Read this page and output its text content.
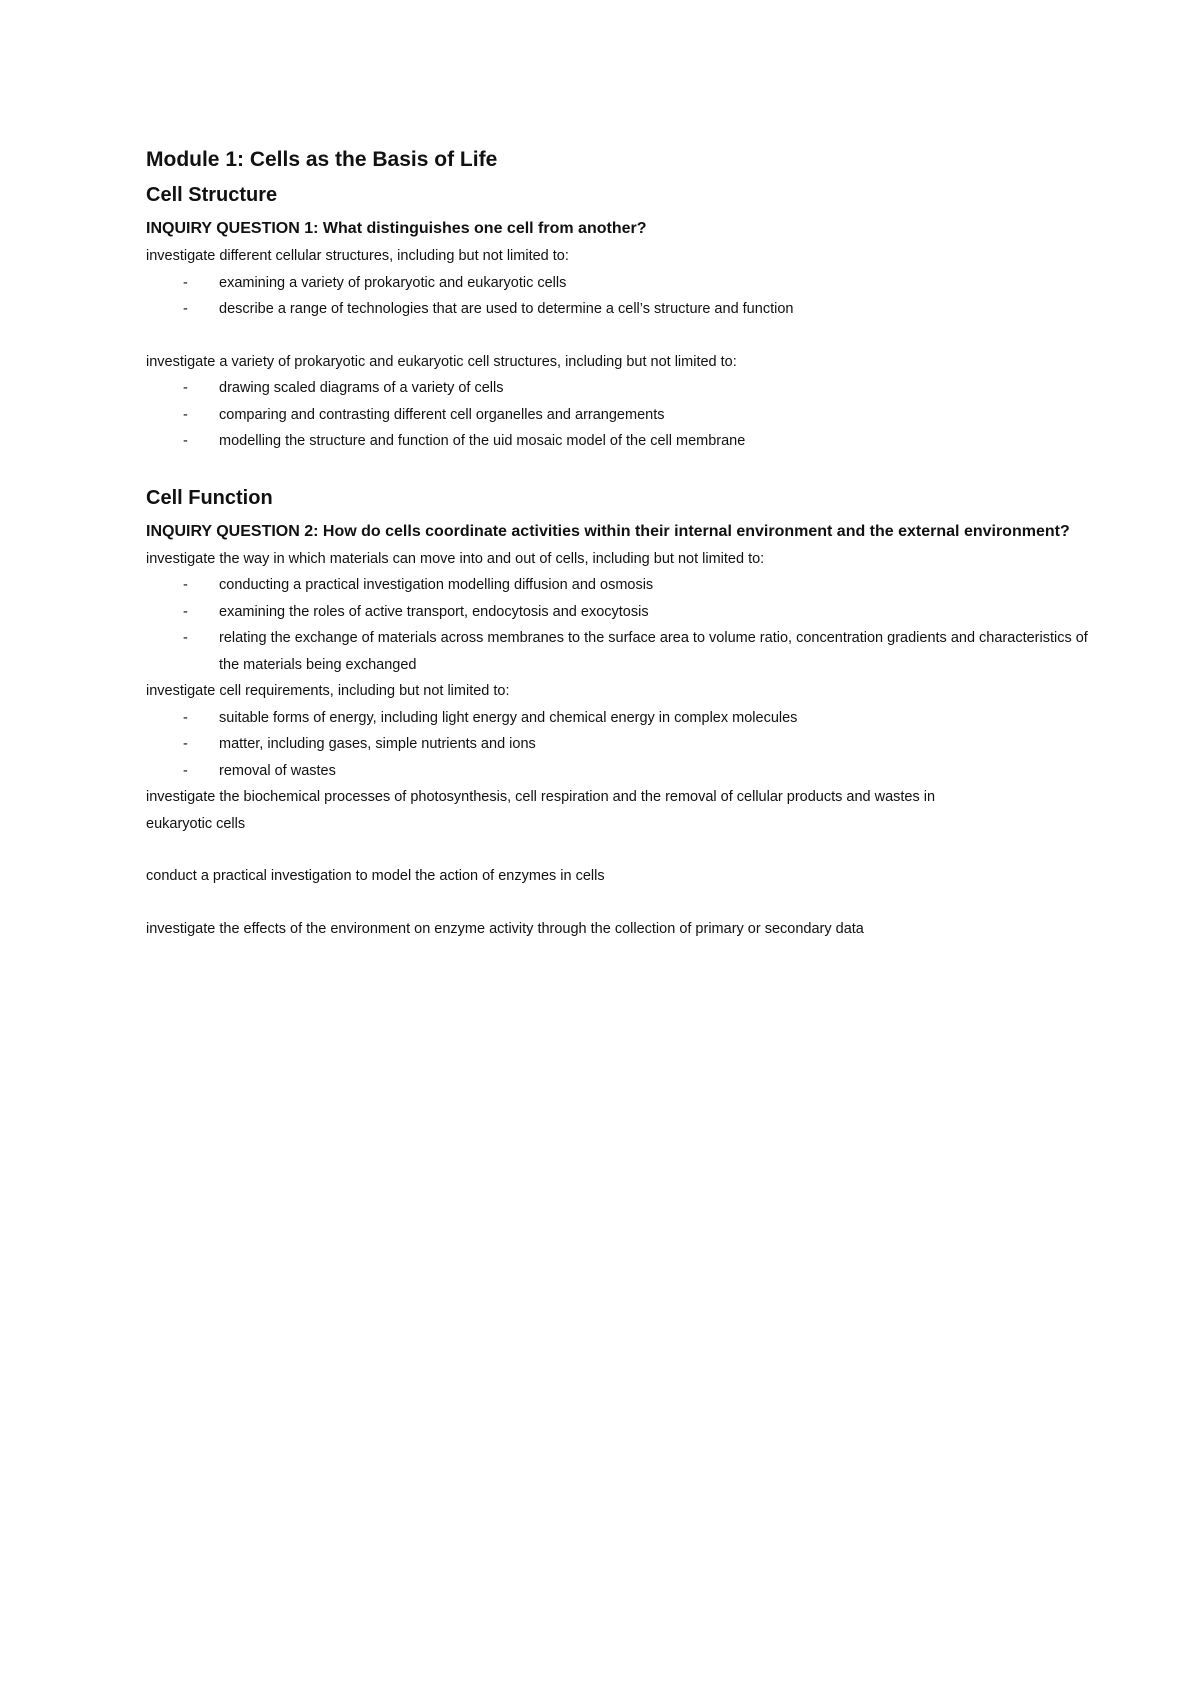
Module 1: Cells as the Basis of Life
Cell Structure

INQUIRY QUESTION 1: What distinguishes one cell from another?

investigate different cellular structures, including but not limited to:

- examining a variety of prokaryotic and eukaryotic cells
- describe a range of technologies that are used to determine a cell’s structure and function

investigate a variety of prokaryotic and eukaryotic cell structures, including but not limited to:

- drawing scaled diagrams of a variety of cells
- comparing and contrasting different cell organelles and arrangements
- modelling the structure and function of the uid mosaic model of the cell membrane
Cell Function

INQUIRY QUESTION 2: How do cells coordinate activities within their internal environment and the external environment?

investigate the way in which materials can move into and out of cells, including but not limited to:

- conducting a practical investigation modelling diffusion and osmosis
- examining the roles of active transport, endocytosis and exocytosis
- relating the exchange of materials across membranes to the surface area to volume ratio, concentration gradients and characteristics of the materials being exchanged

investigate cell requirements, including but not limited to:

- suitable forms of energy, including light energy and chemical energy in complex molecules
- matter, including gases, simple nutrients and ions
- removal of wastes

investigate the biochemical processes of photosynthesis, cell respiration and the removal of cellular products and wastes in eukaryotic cells

conduct a practical investigation to model the action of enzymes in cells

investigate the effects of the environment on enzyme activity through the collection of primary or secondary data
